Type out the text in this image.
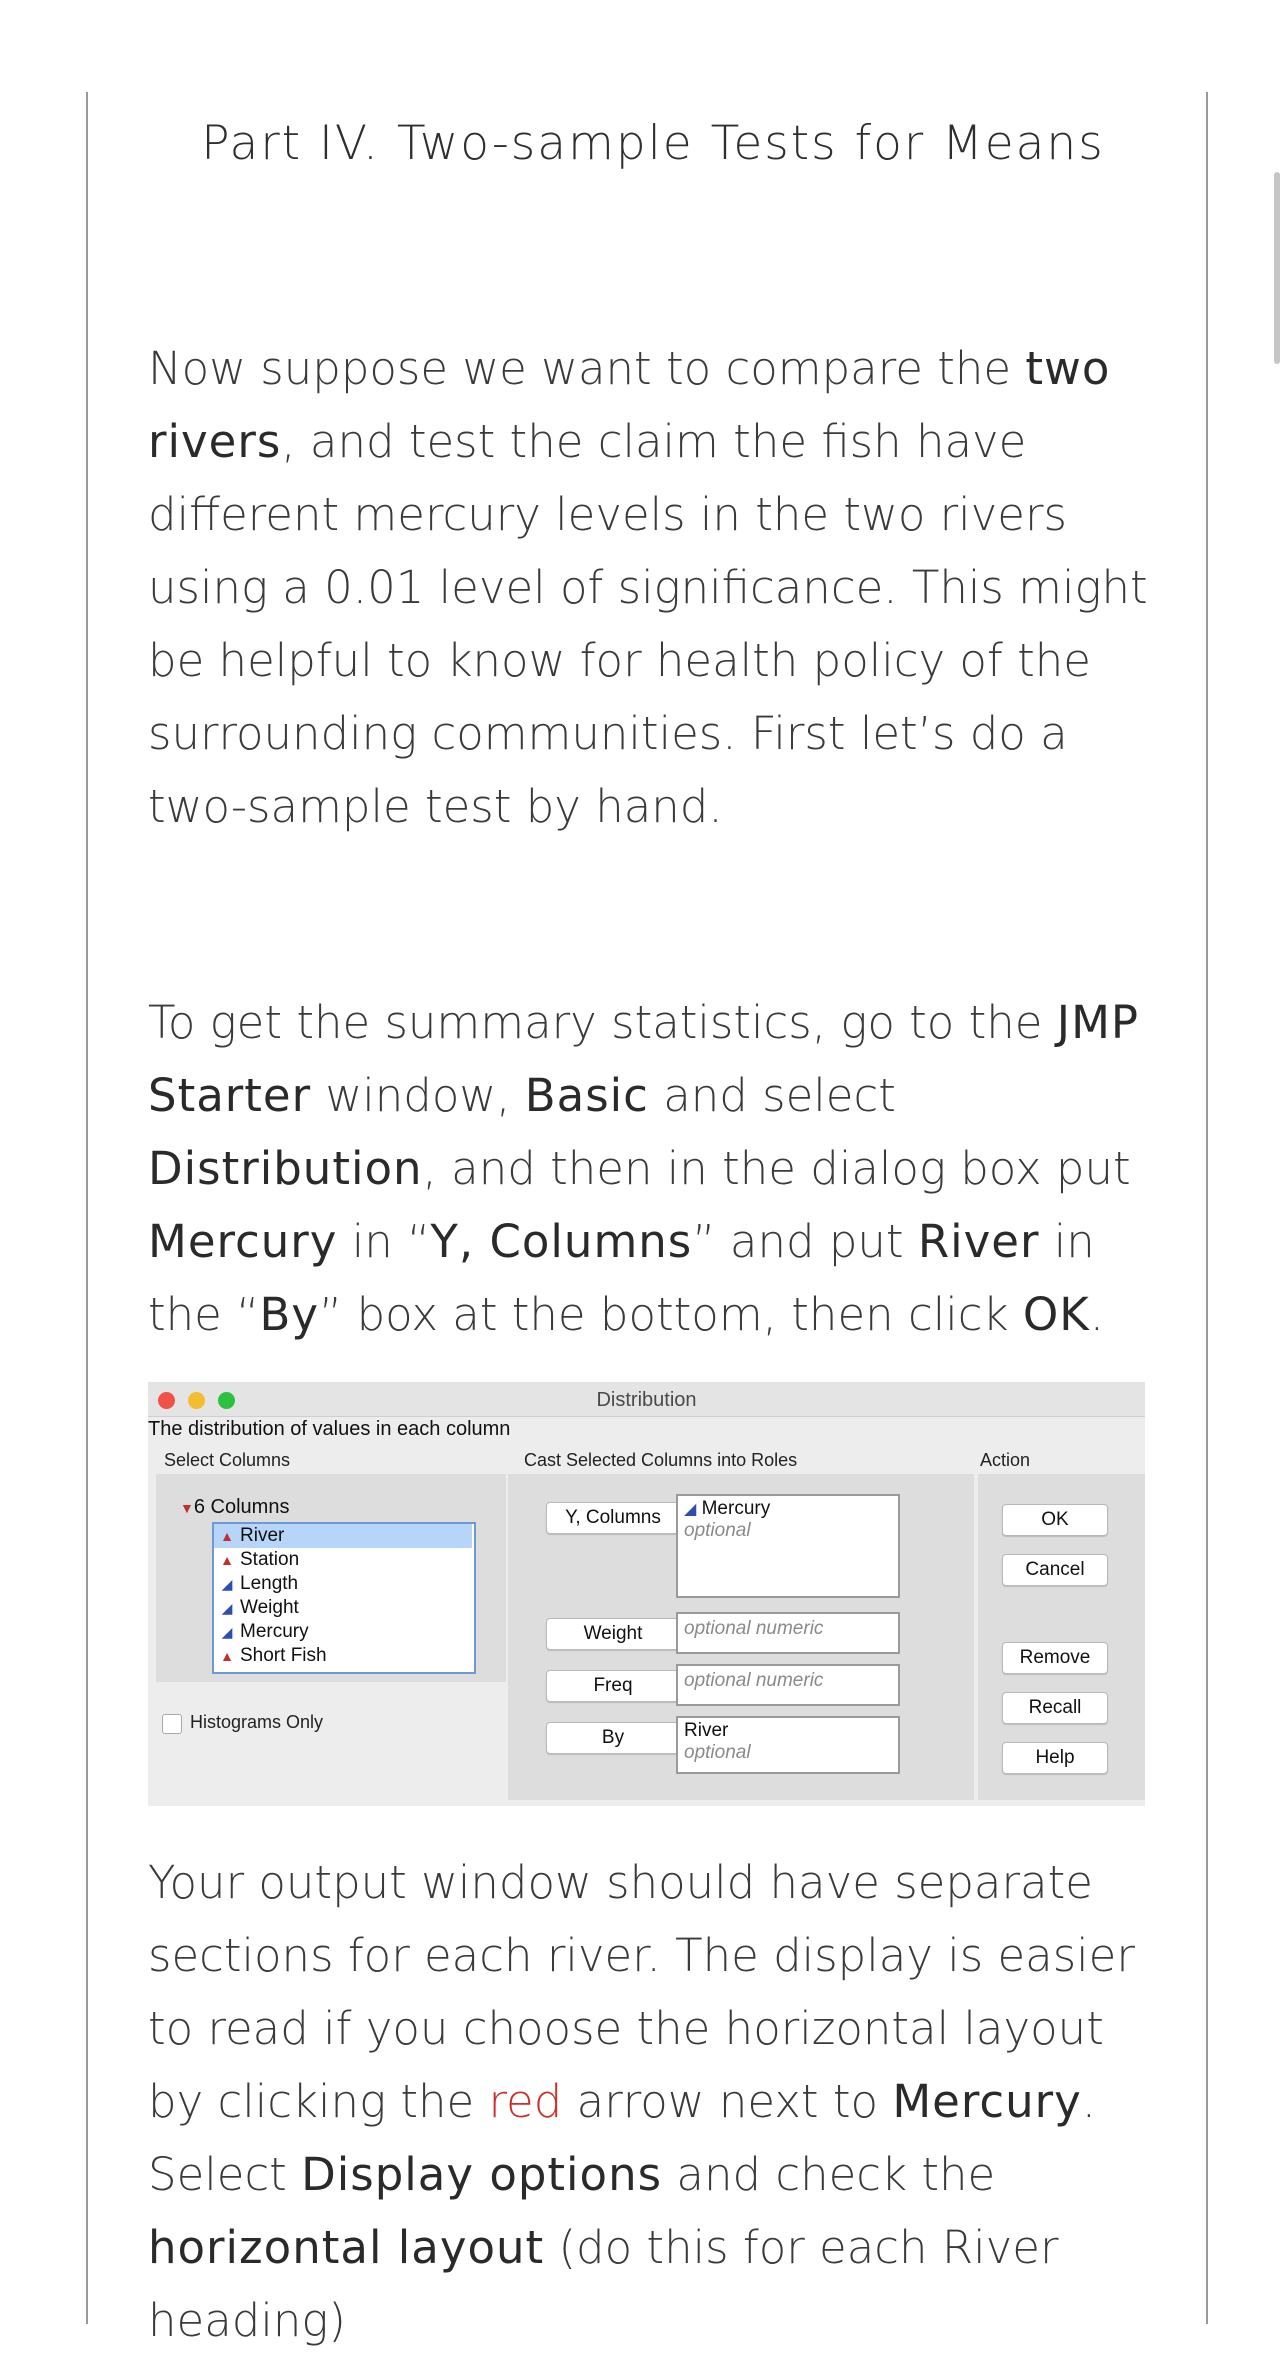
Part IV. Two-sample Tests for Means

Now suppose we want to compare the two rivers, and test the claim the fish have different mercury levels in the two rivers using a 0.01 level of significance. This might be helpful to know for health policy of the surrounding communities. First let’s do a two-sample test by hand.

To get the summary statistics, go to the JMP Starter window, Basic and select Distribution, and then in the dialog box put Mercury in “Y, Columns” and put River in the “By” box at the bottom, then click OK.

Distribution
The distribution of values in each column
Select Columns	Cast Selected Columns into Roles	Action
▼6 Columns
▲ River
▲ Station
◢ Length
◢ Weight
◢ Mercury
▲ Short Fish
Histograms Only
Y, Columns	◢ Mercury
optional
Weight	optional numeric
Freq	optional numeric
By	River
optional
OK
Cancel
Remove
Recall
Help

Your output window should have separate sections for each river. The display is easier to read if you choose the horizontal layout by clicking the red arrow next to Mercury. Select Display options and check the horizontal layout (do this for each River heading)
